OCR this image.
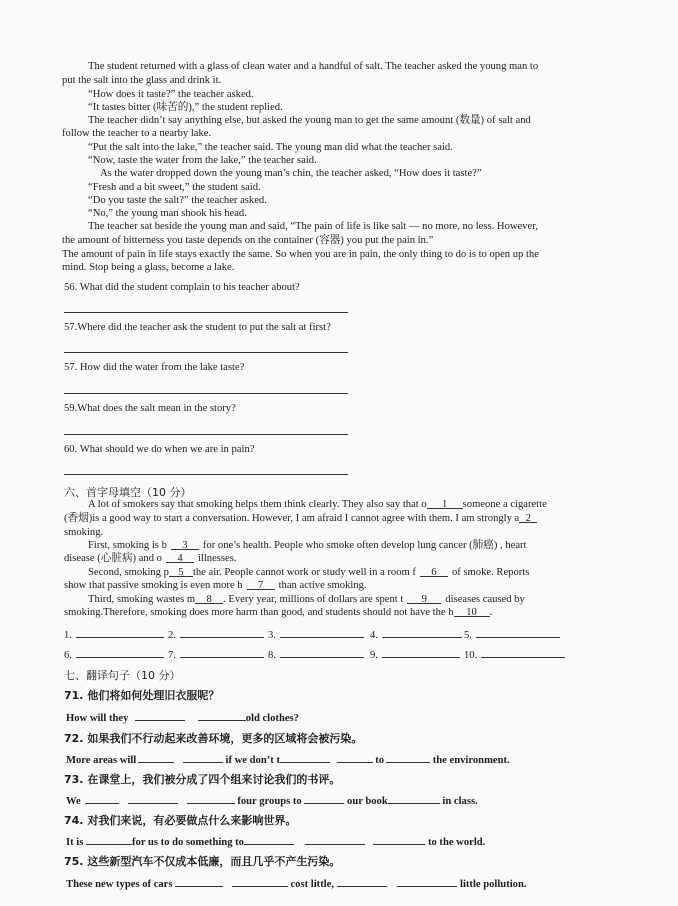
The student returned with a glass of clean water and a handful of salt. The teacher asked the young man to
put the salt into the glass and drink it.
“How does it taste?” the teacher asked.
“It tastes bitter (味苦的),” the student replied.
The teacher didn’t say anything else, but asked the young man to get the same amount (数量) of salt and
follow the teacher to a nearby lake.
“Put the salt into the lake,” the teacher said. The young man did what the teacher said.
“Now, taste the water from the lake,” the teacher said.
As the water dropped down the young man’s chin, the teacher asked, “How does it taste?”
“Fresh and a bit sweet,” the student said.
“Do you taste the salt?” the teacher asked.
“No,” the young man shook his head.
The teacher sat beside the young man and said, “The pain of life is like salt — no more, no less. However,
the amount of bitterness you taste depends on the container (容器) you put the pain in.”
The amount of pain in life stays exactly the same. So when you are in pain, the only thing to do is to open up the
mind. Stop being a glass, become a lake.
56. What did the student complain to his teacher about?
57.Where did the teacher ask the student to put the salt at first?
57. How did the water from the lake taste?
59.What does the salt mean in the story?
60. What should we do when we are in pain?
六、首字母填空（10 分）
A lot of smokers say that smoking helps them think clearly. They also say that o 1 someone a cigarette
(香烟)is a good way to start a conversation. However, I am afraid I cannot agree with them. I am strongly a 2
smoking.
First, smoking is b 3 for one’s health. People who smoke often develop lung cancer (肺癌) , heart
disease (心脏病) and o 4 illnesses.
Second, smoking p 5 the air. People cannot work or study well in a room f 6 of smoke. Reports
show that passive smoking is even more h 7 than active smoking.
Third, smoking wastes m 8 . Every year, millions of dollars are spent t 9 diseases caused by
smoking.Therefore, smoking does more harm than good, and students should not have the h 10 .
1.	2.	3.	4.	5.
6.	7.	8.	9.	10.
七、翻译句子（10 分）
71. 他们将如何处理旧衣服呢？
How will they	old clothes?
72. 如果我们不行动起来改善环境，更多的区域将会被污染。
More areas will	if we don’t t	to	the environment.
73. 在课堂上，我们被分成了四个组来讨论我们的书评。
We	four groups to	our book	in class.
74. 对我们来说，有必要做点什么来影响世界。
It is	for us to do something to	to the world.
75. 这些新型汽车不仅成本低廉，而且几乎不产生污染。
These new types of cars	cost little,	little pollution.
